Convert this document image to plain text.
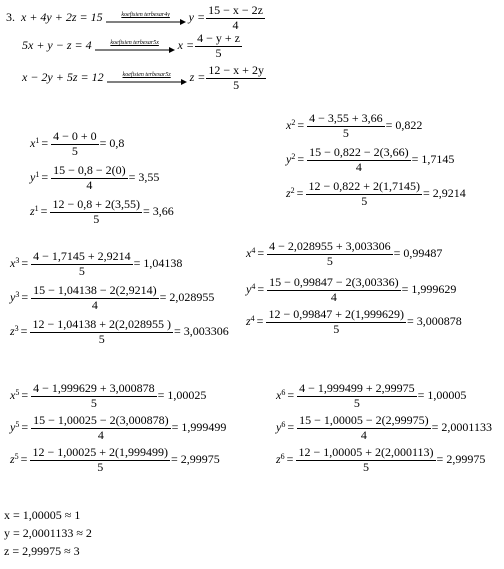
3. x + 4y + 2z = 15	koefisien terbesar4y $y = \frac{15 - x - 2z}{4}$
5x + y − z = 4	koefisien terbesar5x $x = \frac{4 - y + z}{5}$
x − 2y + 5z = 12	koefisien terbesar5z $z = \frac{12 - x + 2y}{5}$
$x^1 = \frac{4 - 0 + 0}{5} = 0,8$
$y^1 = \frac{15 - 0,8 - 2(0)}{4} = 3,55$
$z^1 = \frac{12 - 0,8 + 2(3,55)}{5} = 3,66$
$x^2 = \frac{4 - 3,55 + 3,66}{5} = 0,822$
$y^2 = \frac{15 - 0,822 - 2(3,66)}{4} = 1,7145$
$z^2 = \frac{12 - 0,822 + 2(1,7145)}{5} = 2,9214$
$x^3 = \frac{4 - 1,7145 + 2,9214}{5} = 1,04138$
$y^3 = \frac{15 - 1,04138 - 2(2,9214)}{4} = 2,028955$
$z^3 = \frac{12 - 1,04138 + 2(2,028955 )}{5} = 3,003306$
$x^4 = \frac{4 - 2,028955 + 3,003306}{5} = 0,99487$
$y^4 = \frac{15 - 0,99847 - 2(3,00336)}{4} = 1,999629$
$z^4 = \frac{12 - 0,99847 + 2(1,999629)}{5} = 3,000878$
$x^5 = \frac{4 - 1,999629 + 3,000878}{5} = 1,00025$
$y^5 = \frac{15 - 1,00025 - 2(3,000878)}{4} = 1,999499$
$z^5 = \frac{12 - 1,00025 + 2(1,999499)}{5} = 2,99975$
$x^6 = \frac{4 - 1,999499 + 2,99975}{5} = 1,00005$
$y^6 = \frac{15 - 1,00005 - 2(2,99975)}{4} = 2,0001133$
$z^6 = \frac{12 - 1,00005 + 2(2,000113)}{5} = 2,99975$
x = 1,00005 ≈ 1
y = 2,0001133 ≈ 2
z = 2,99975 ≈ 3
